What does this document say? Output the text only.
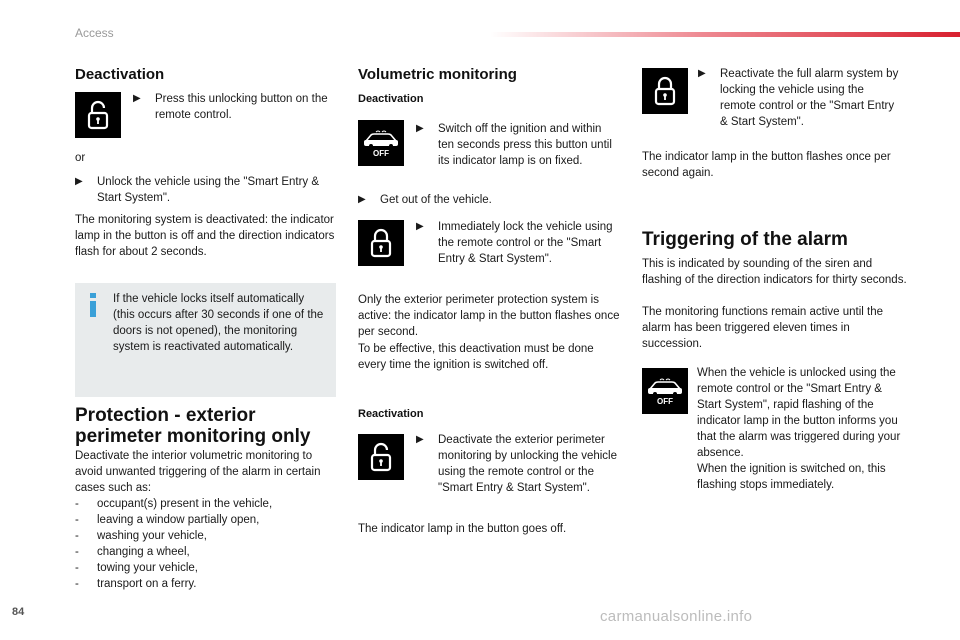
Access
Deactivation
▶ Press this unlocking button on the remote control.
or
▶ Unlock the vehicle using the "Smart Entry & Start System".
The monitoring system is deactivated: the indicator lamp in the button is off and the direction indicators flash for about 2 seconds.
If the vehicle locks itself automatically (this occurs after 30 seconds if one of the doors is not opened), the monitoring system is reactivated automatically.
Protection - exterior perimeter monitoring only
Deactivate the interior volumetric monitoring to avoid unwanted triggering of the alarm in certain cases such as:
- occupant(s) present in the vehicle,
- leaving a window partially open,
- washing your vehicle,
- changing a wheel,
- towing your vehicle,
- transport on a ferry.
Volumetric monitoring
Deactivation
OFF
▶ Switch off the ignition and within ten seconds press this button until its indicator lamp is on fixed.
▶ Get out of the vehicle.
▶ Immediately lock the vehicle using the remote control or the "Smart Entry & Start System".
Only the exterior perimeter protection system is active: the indicator lamp in the button flashes once per second.
To be effective, this deactivation must be done every time the ignition is switched off.
Reactivation
▶ Deactivate the exterior perimeter monitoring by unlocking the vehicle using the remote control or the "Smart Entry & Start System".
The indicator lamp in the button goes off.
▶ Reactivate the full alarm system by locking the vehicle using the remote control or the "Smart Entry & Start System".
The indicator lamp in the button flashes once per second again.
Triggering of the alarm
This is indicated by sounding of the siren and flashing of the direction indicators for thirty seconds.
The monitoring functions remain active until the alarm has been triggered eleven times in succession.
OFF
When the vehicle is unlocked using the remote control or the "Smart Entry & Start System", rapid flashing of the indicator lamp in the button informs you that the alarm was triggered during your absence.
When the ignition is switched on, this flashing stops immediately.
84	carmanualsonline.info
